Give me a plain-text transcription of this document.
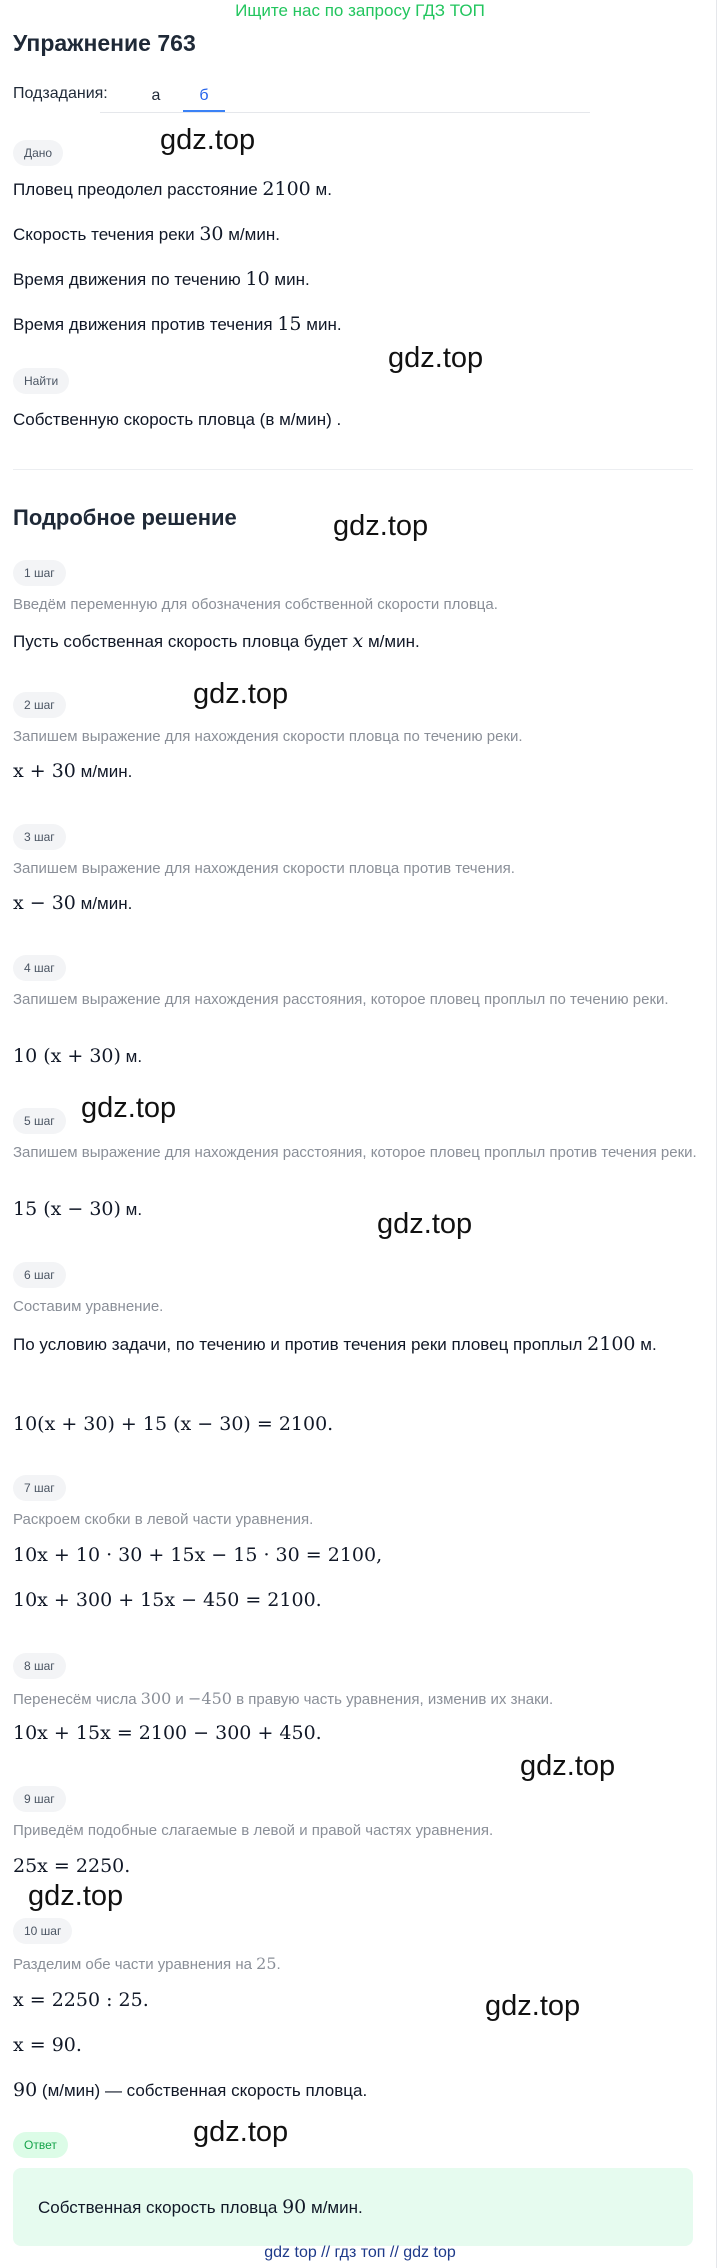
Ищите нас по запросу ГДЗ ТОП
Упражнение 763
Подзадания:	а	б
Дано	gdz.top
Пловец преодолел расстояние 2100 м.
Скорость течения реки 30 м/мин.
Время движения по течению 10 мин.
Время движения против течения 15 мин.
gdz.top
Найти
Собственную скорость пловца (в м/мин) .
Подробное решение	gdz.top
1 шаг
Введём переменную для обозначения собственной скорости пловца.
Пусть собственная скорость пловца будет x м/мин.
gdz.top
2 шаг
Запишем выражение для нахождения скорости пловца по течению реки.
x + 30 м/мин.
3 шаг
Запишем выражение для нахождения скорости пловца против течения.
x − 30 м/мин.
4 шаг
Запишем выражение для нахождения расстояния, которое пловец проплыл по течению реки.
10 (x + 30) м.
gdz.top
5 шаг
Запишем выражение для нахождения расстояния, которое пловец проплыл против течения реки.
15 (x − 30) м.	gdz.top
6 шаг
Составим уравнение.
По условию задачи, по течению и против течения реки пловец проплыл 2100 м.
10(x + 30) + 15 (x − 30) = 2100.
7 шаг
Раскроем скобки в левой части уравнения.
10x + 10 · 30 + 15x − 15 · 30 = 2100,
10x + 300 + 15x − 450 = 2100.
8 шаг
Перенесём числа 300 и −450 в правую часть уравнения, изменив их знаки.
10x + 15x = 2100 − 300 + 450.
gdz.top
9 шаг
Приведём подобные слагаемые в левой и правой частях уравнения.
25x = 2250.
gdz.top
10 шаг
Разделим обе части уравнения на 25.
x = 2250 : 25.	gdz.top
x = 90.
90 (м/мин) — собственная скорость пловца.
gdz.top
Ответ
Собственная скорость пловца 90 м/мин.
gdz top // гдз топ // gdz top
